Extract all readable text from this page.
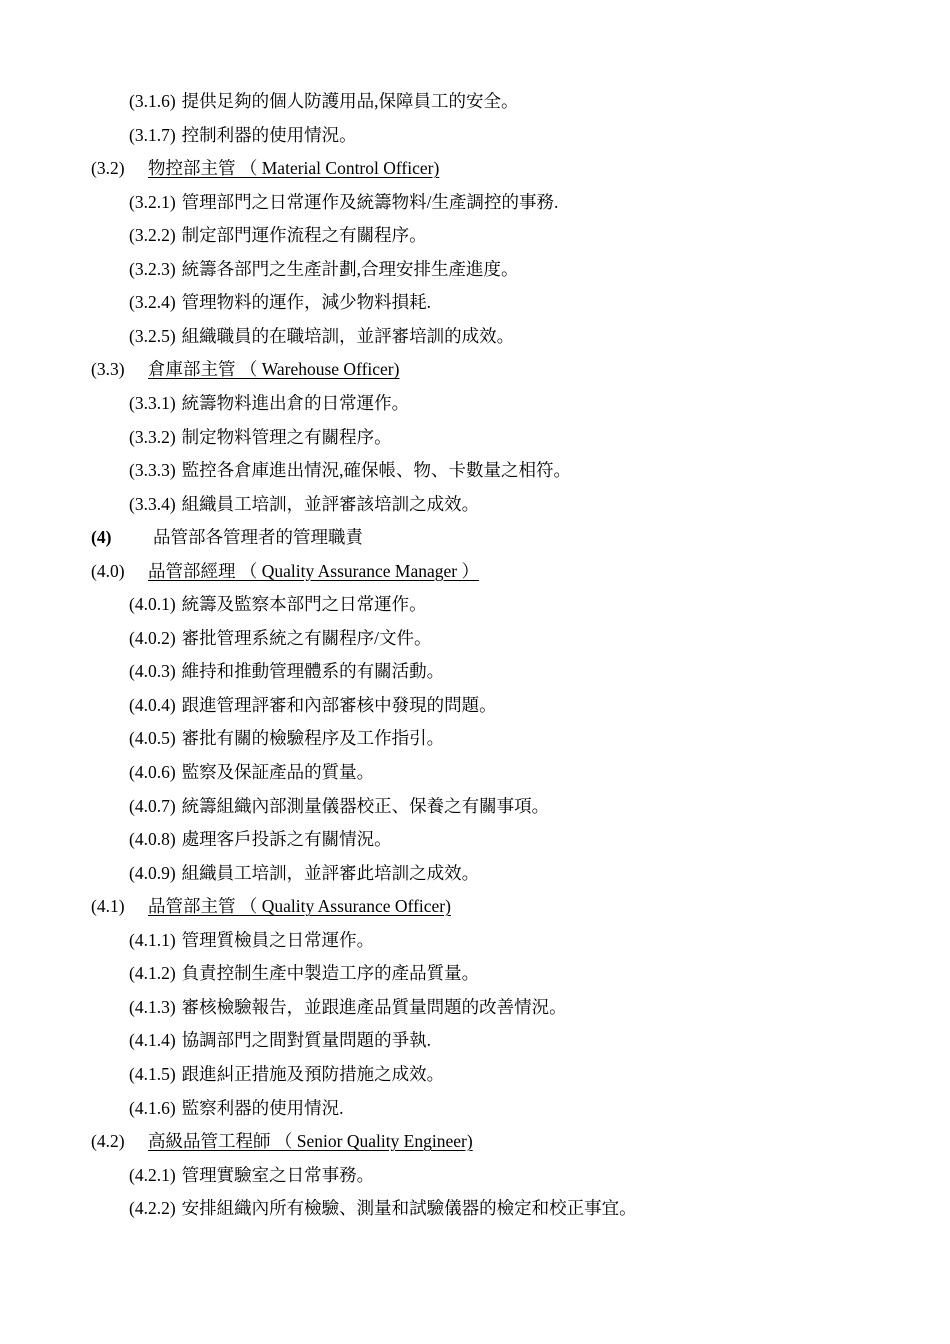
(3.1.6) 提供足夠的個人防護用品,保障員工的安全。
(3.1.7) 控制利器的使用情況。
(3.2) 物控部主管 （ Material Control Officer)
(3.2.1) 管理部門之日常運作及統籌物料/生產調控的事務.
(3.2.2) 制定部門運作流程之有關程序。
(3.2.3) 統籌各部門之生產計劃,合理安排生產進度。
(3.2.4) 管理物料的運作，減少物料損耗.
(3.2.5) 組織職員的在職培訓，並評審培訓的成效。
(3.3) 倉庫部主管 （ Warehouse Officer)
(3.3.1) 統籌物料進出倉的日常運作。
(3.3.2) 制定物料管理之有關程序。
(3.3.3) 監控各倉庫進出情況,確保帳、物、卡數量之相符。
(3.3.4) 組織員工培訓，並評審該培訓之成效。
(4) 品管部各管理者的管理職責
(4.0) 品管部經理 （ Quality Assurance Manager ）
(4.0.1) 統籌及監察本部門之日常運作。
(4.0.2) 審批管理系統之有關程序/文件。
(4.0.3) 維持和推動管理體系的有關活動。
(4.0.4) 跟進管理評審和內部審核中發現的問題。
(4.0.5) 審批有關的檢驗程序及工作指引。
(4.0.6) 監察及保証產品的質量。
(4.0.7) 統籌組織內部測量儀器校正、保養之有關事項。
(4.0.8) 處理客戶投訴之有關情況。
(4.0.9) 組織員工培訓，並評審此培訓之成效。
(4.1) 品管部主管 （ Quality Assurance Officer)
(4.1.1) 管理質檢員之日常運作。
(4.1.2) 負責控制生產中製造工序的產品質量。
(4.1.3) 審核檢驗報告，並跟進產品質量問題的改善情況。
(4.1.4) 協調部門之間對質量問題的爭執.
(4.1.5) 跟進糾正措施及預防措施之成效。
(4.1.6) 監察利器的使用情況.
(4.2) 高級品管工程師 （ Senior Quality Engineer)
(4.2.1) 管理實驗室之日常事務。
(4.2.2) 安排組織內所有檢驗、測量和試驗儀器的檢定和校正事宜。
